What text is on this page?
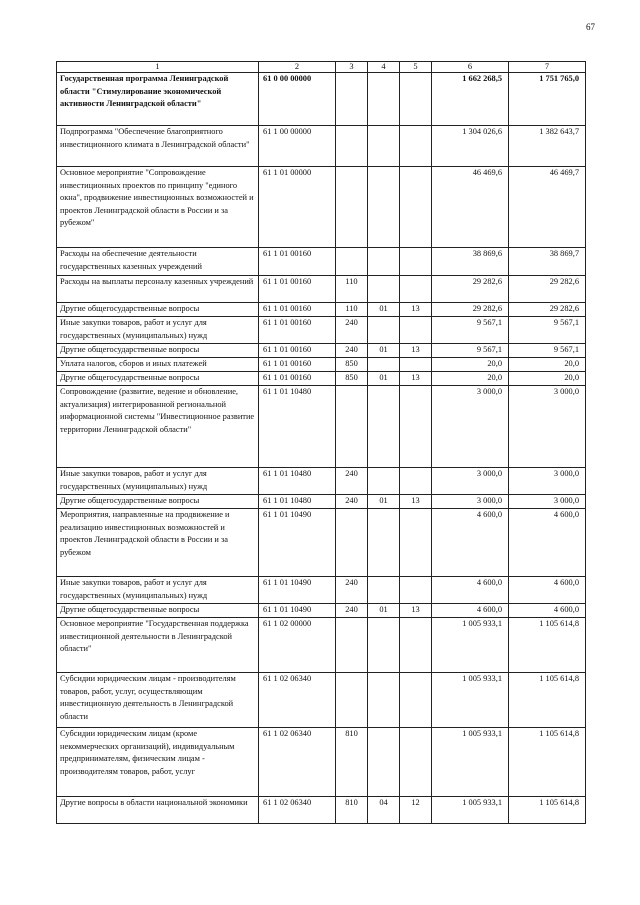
67
1	2	3	4	5	6	7
Государственная программа Ленинградской области "Стимулирование экономической активности Ленинградской области"	61 0 00 00000				1 662 268,5	1 751 765,0
Подпрограмма "Обеспечение благоприятного инвестиционного климата в Ленинградской области"	61 1 00 00000				1 304 026,6	1 382 643,7
Основное мероприятие "Сопровождение инвестиционных проектов по принципу "единого окна", продвижение инвестиционных возможностей и проектов Ленинградской области в России и за рубежом"	61 1 01 00000				46 469,6	46 469,7
Расходы на обеспечение деятельности государственных казенных учреждений	61 1 01 00160				38 869,6	38 869,7
Расходы на выплаты персоналу казенных учреждений	61 1 01 00160	110			29 282,6	29 282,6
Другие общегосударственные вопросы	61 1 01 00160	110	01	13	29 282,6	29 282,6
Иные закупки товаров, работ и услуг для государственных (муниципальных) нужд	61 1 01 00160	240			9 567,1	9 567,1
Другие общегосударственные вопросы	61 1 01 00160	240	01	13	9 567,1	9 567,1
Уплата налогов, сборов и иных платежей	61 1 01 00160	850			20,0	20,0
Другие общегосударственные вопросы	61 1 01 00160	850	01	13	20,0	20,0
Сопровождение (развитие, ведение и обновление, актуализация) интегрированной региональной информационной системы "Инвестиционное развитие территории Ленинградской области"	61 1 01 10480				3 000,0	3 000,0
Иные закупки товаров, работ и услуг для государственных (муниципальных) нужд	61 1 01 10480	240			3 000,0	3 000,0
Другие общегосударственные вопросы	61 1 01 10480	240	01	13	3 000,0	3 000,0
Мероприятия, направленные на продвижение и реализацию инвестиционных возможностей и проектов Ленинградской области в России и за рубежом	61 1 01 10490				4 600,0	4 600,0
Иные закупки товаров, работ и услуг для государственных (муниципальных) нужд	61 1 01 10490	240			4 600,0	4 600,0
Другие общегосударственные вопросы	61 1 01 10490	240	01	13	4 600,0	4 600,0
Основное мероприятие "Государственная поддержка инвестиционной деятельности в Ленинградской области"	61 1 02 00000				1 005 933,1	1 105 614,8
Субсидии юридическим лицам - производителям товаров, работ, услуг, осуществляющим инвестиционную деятельность в Ленинградской области	61 1 02 06340				1 005 933,1	1 105 614,8
Субсидии юридическим лицам (кроме некоммерческих организаций), индивидуальным предпринимателям, физическим лицам - производителям товаров, работ, услуг	61 1 02 06340	810			1 005 933,1	1 105 614,8
Другие вопросы в области национальной экономики	61 1 02 06340	810	04	12	1 005 933,1	1 105 614,8
